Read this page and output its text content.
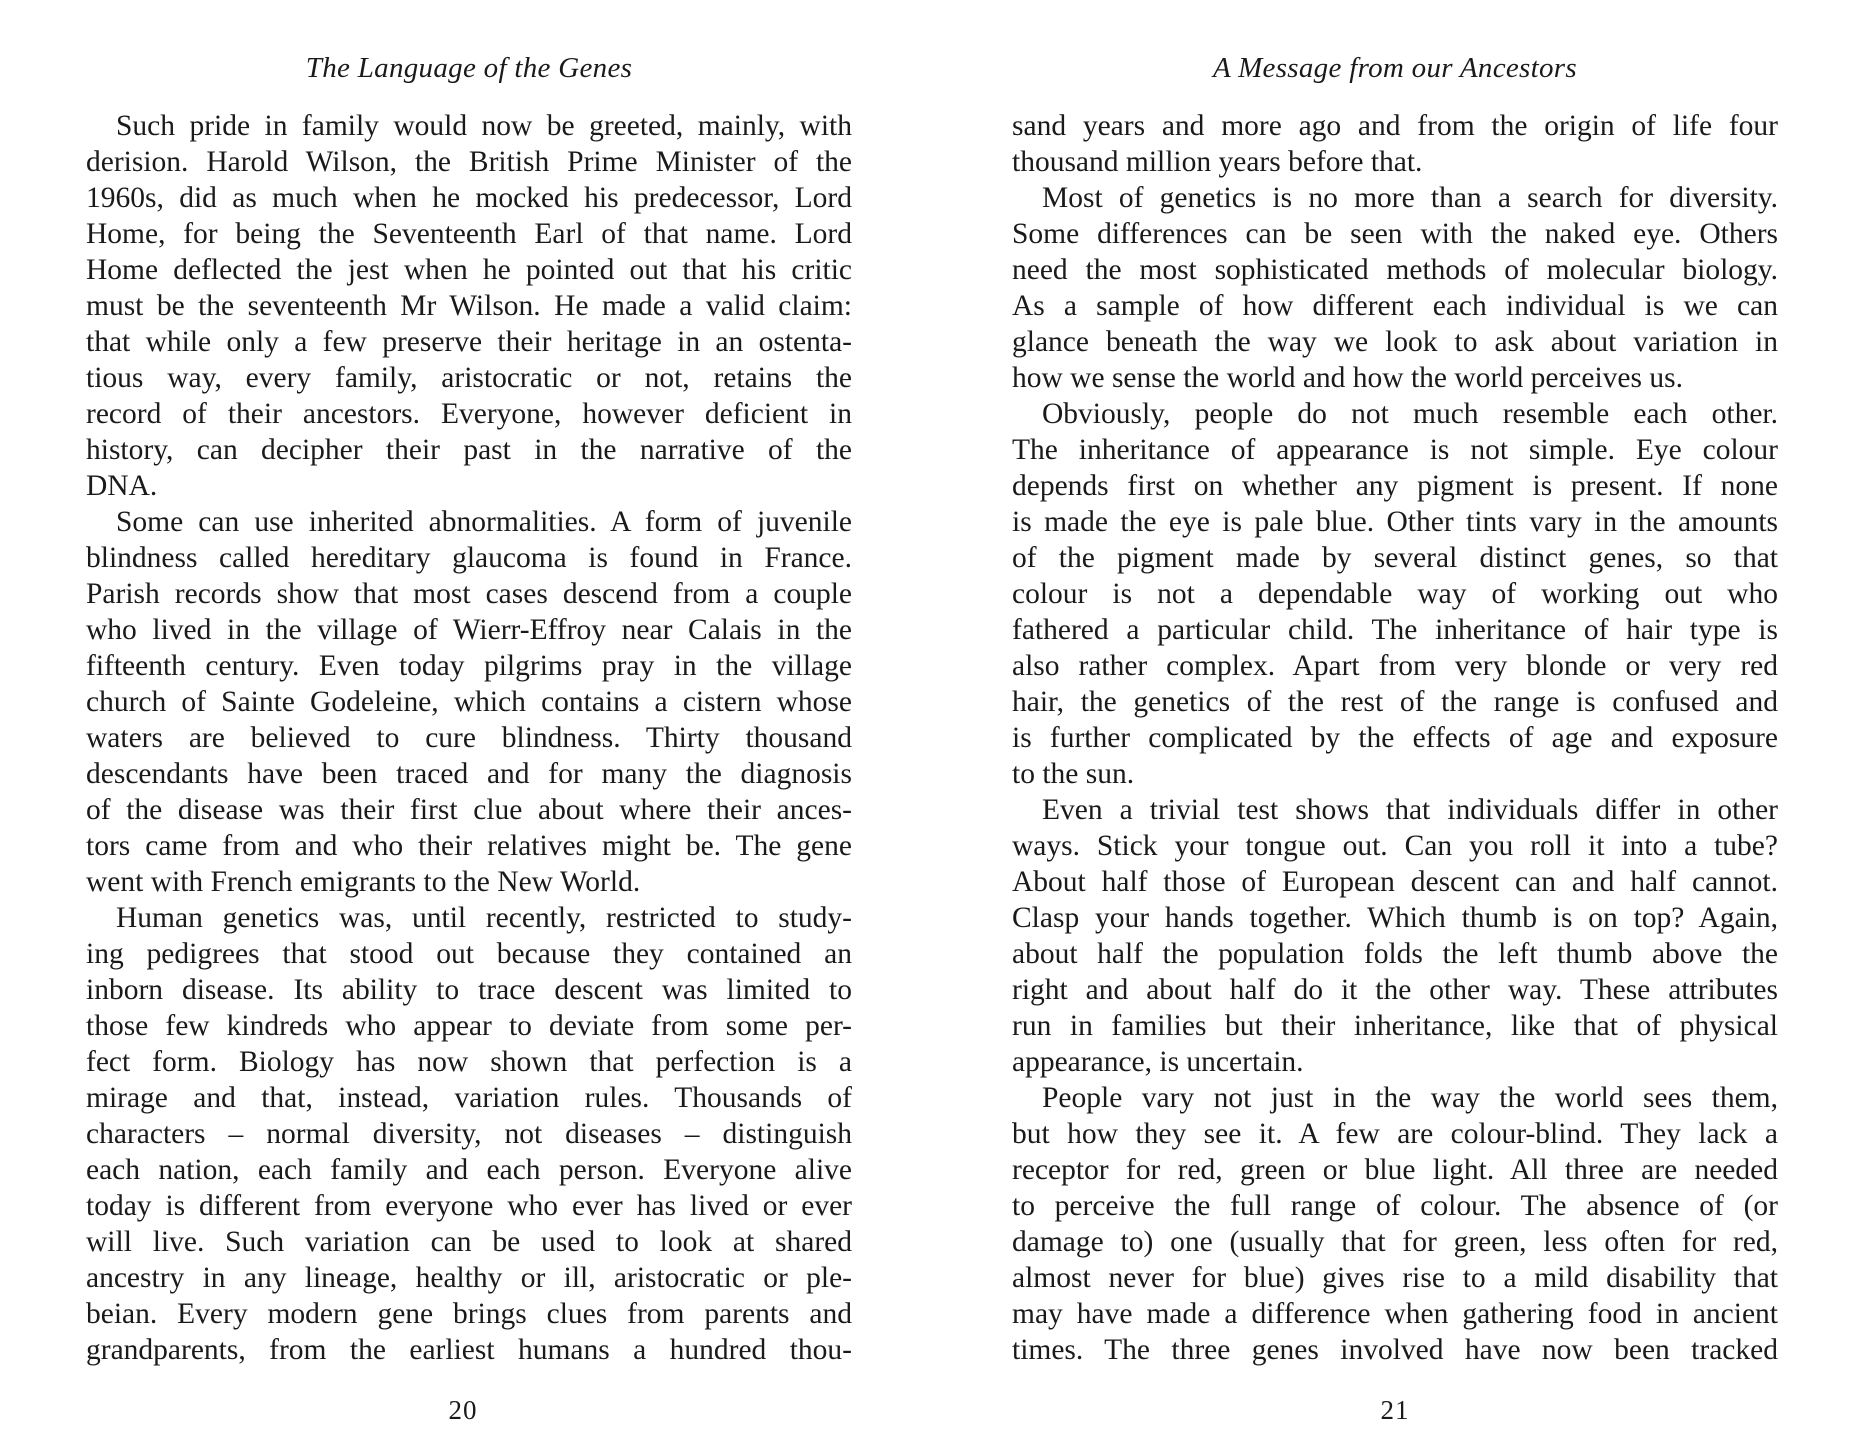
The Language of the Genes

Such pride in family would now be greeted, mainly, with
derision. Harold Wilson, the British Prime Minister of the
1960s, did as much when he mocked his predecessor, Lord
Home, for being the Seventeenth Earl of that name. Lord
Home deflected the jest when he pointed out that his critic
must be the seventeenth Mr Wilson. He made a valid claim:
that while only a few preserve their heritage in an ostenta-
tious way, every family, aristocratic or not, retains the
record of their ancestors. Everyone, however deficient in
history, can decipher their past in the narrative of the
DNA.
Some can use inherited abnormalities. A form of juvenile
blindness called hereditary glaucoma is found in France.
Parish records show that most cases descend from a couple
who lived in the village of Wierr-Effroy near Calais in the
fifteenth century. Even today pilgrims pray in the village
church of Sainte Godeleine, which contains a cistern whose
waters are believed to cure blindness. Thirty thousand
descendants have been traced and for many the diagnosis
of the disease was their first clue about where their ances-
tors came from and who their relatives might be. The gene
went with French emigrants to the New World.
Human genetics was, until recently, restricted to study-
ing pedigrees that stood out because they contained an
inborn disease. Its ability to trace descent was limited to
those few kindreds who appear to deviate from some per-
fect form. Biology has now shown that perfection is a
mirage and that, instead, variation rules. Thousands of
characters – normal diversity, not diseases – distinguish
each nation, each family and each person. Everyone alive
today is different from everyone who ever has lived or ever
will live. Such variation can be used to look at shared
ancestry in any lineage, healthy or ill, aristocratic or ple-
beian. Every modern gene brings clues from parents and
grandparents, from the earliest humans a hundred thou-
20

A Message from our Ancestors

sand years and more ago and from the origin of life four
thousand million years before that.
Most of genetics is no more than a search for diversity.
Some differences can be seen with the naked eye. Others
need the most sophisticated methods of molecular biology.
As a sample of how different each individual is we can
glance beneath the way we look to ask about variation in
how we sense the world and how the world perceives us.
Obviously, people do not much resemble each other.
The inheritance of appearance is not simple. Eye colour
depends first on whether any pigment is present. If none
is made the eye is pale blue. Other tints vary in the amounts
of the pigment made by several distinct genes, so that
colour is not a dependable way of working out who
fathered a particular child. The inheritance of hair type is
also rather complex. Apart from very blonde or very red
hair, the genetics of the rest of the range is confused and
is further complicated by the effects of age and exposure
to the sun.
Even a trivial test shows that individuals differ in other
ways. Stick your tongue out. Can you roll it into a tube?
About half those of European descent can and half cannot.
Clasp your hands together. Which thumb is on top? Again,
about half the population folds the left thumb above the
right and about half do it the other way. These attributes
run in families but their inheritance, like that of physical
appearance, is uncertain.
People vary not just in the way the world sees them,
but how they see it. A few are colour-blind. They lack a
receptor for red, green or blue light. All three are needed
to perceive the full range of colour. The absence of (or
damage to) one (usually that for green, less often for red,
almost never for blue) gives rise to a mild disability that
may have made a difference when gathering food in ancient
times. The three genes involved have now been tracked
21
